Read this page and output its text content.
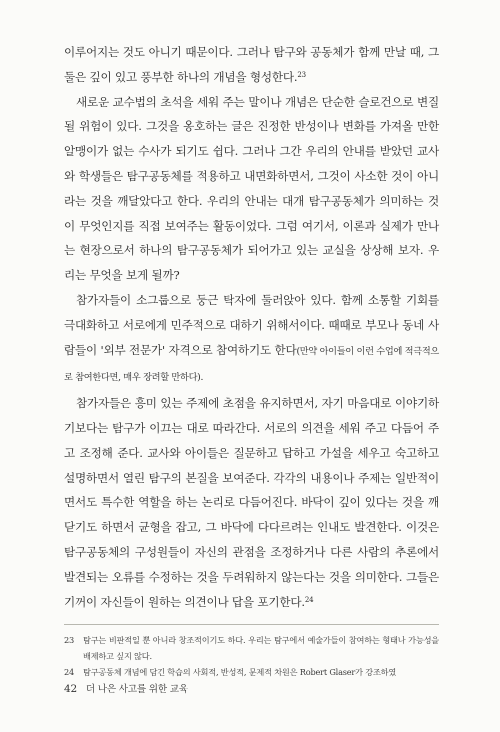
이루어지는 것도 아니기 때문이다. 그러나 탐구와 공동체가 함께 만날 때, 그 둘은 깊이 있고 풍부한 하나의 개념을 형성한다.$^{23}$

새로운 교수법의 초석을 세워 주는 말이나 개념은 단순한 슬로건으로 변질될 위험이 있다. 그것을 옹호하는 글은 진정한 반성이나 변화를 가져올 만한 알맹이가 없는 수사가 되기도 쉽다. 그러나 그간 우리의 안내를 받았던 교사와 학생들은 탐구공동체를 적용하고 내면화하면서, 그것이 사소한 것이 아니라는 것을 깨달았다고 한다. 우리의 안내는 대개 탐구공동체가 의미하는 것이 무엇인지를 직접 보여주는 활동이었다. 그럼 여기서, 이론과 실제가 만나는 현장으로서 하나의 탐구공동체가 되어가고 있는 교실을 상상해 보자. 우리는 무엇을 보게 될까?

참가자들이 소그룹으로 둥근 탁자에 둘러앉아 있다. 함께 소통할 기회를 극대화하고 서로에게 민주적으로 대하기 위해서이다. 때때로 부모나 동네 사람들이 '외부 전문가' 자격으로 참여하기도 한다(만약 아이들이 이런 수업에 적극적으로 참여한다면, 매우 장려할 만하다).

참가자들은 흥미 있는 주제에 초점을 유지하면서, 자기 마음대로 이야기하기보다는 탐구가 이끄는 대로 따라간다. 서로의 의견을 세워 주고 다듬어 주고 조정해 준다. 교사와 아이들은 질문하고 답하고 가설을 세우고 숙고하고 설명하면서 열린 탐구의 본질을 보여준다. 각각의 내용이나 주제는 일반적이면서도 특수한 역할을 하는 논리로 다듬어진다. 바닥이 깊이 있다는 것을 깨닫기도 하면서 균형을 잡고, 그 바닥에 다다르려는 인내도 발견한다. 이것은 탐구공동체의 구성원들이 자신의 관점을 조정하거나 다른 사람의 추론에서 발견되는 오류를 수정하는 것을 두려워하지 않는다는 것을 의미한다. 그들은 기꺼이 자신들이 원하는 의견이나 답을 포기한다.$^{24}$

23	탐구는 비판적일 뿐 아니라 창조적이기도 하다. 우리는 탐구에서 예술가들이 참여하는 형태나 가능성을 배제하고 싶지 않다.
24	탐구공동체 개념에 담긴 학습의 사회적, 반성적, 문제적 차원은 Robert Glaser가 강조하였
42 더 나은 사고를 위한 교육
